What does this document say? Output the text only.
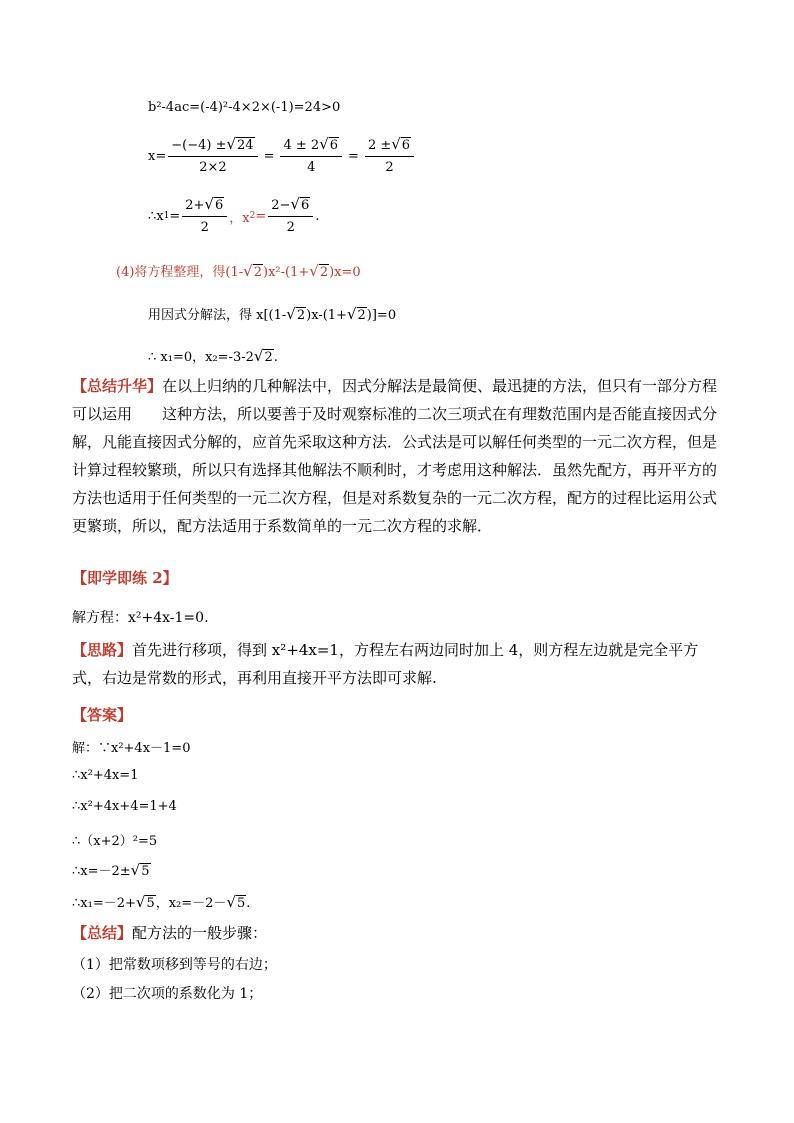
b²-4ac=(-4)²-4×2×(-1)=24>0
$x= \frac{-(-4) \pm√24}{2\times 2} = \frac{4 \pm 2√6}{4} = \frac{2 \pm√6}{2}$
∴x $1 = \frac{2+√6}{2}$ ，x $2 = \frac{2-√6}{2}$ .
(4)将方程整理，得(1-√2)x²-(1+√2)x=0
用因式分解法，得 x[(1-√2)x-(1+√2)]=0
∴ x₁=0，x₂=-3-2√2.
【总结升华】在以上归纳的几种解法中，因式分解法是最简便、最迅捷的方法，但只有一部分方程可以运用　　这种方法，所以要善于及时观察标准的二次三项式在有理数范围内是否能直接因式分解，凡能直接因式分解的，应首先采取这种方法．公式法是可以解任何类型的一元二次方程，但是计算过程较繁琐，所以只有选择其他解法不顺利时，才考虑用这种解法．虽然先配方，再开平方的方法也适用于任何类型的一元二次方程，但是对系数复杂的一元二次方程，配方的过程比运用公式更繁琐，所以，配方法适用于系数简单的一元二次方程的求解．
【即学即练 2】
解方程：x²+4x-1=0.
【思路】首先进行移项，得到 x²+4x=1，方程左右两边同时加上 4，则方程左边就是完全平方式，右边是常数的形式，再利用直接开平方法即可求解.
【答案】
解：∵x²+4x－1=0
∴x²+4x=1
∴x²+4x+4=1+4
∴（x+2）²=5
∴x=－2±√5
∴x₁=－2+√5，x₂=－2－√5.
【总结】配方法的一般步骤：
（1）把常数项移到等号的右边；
（2）把二次项的系数化为 1；
